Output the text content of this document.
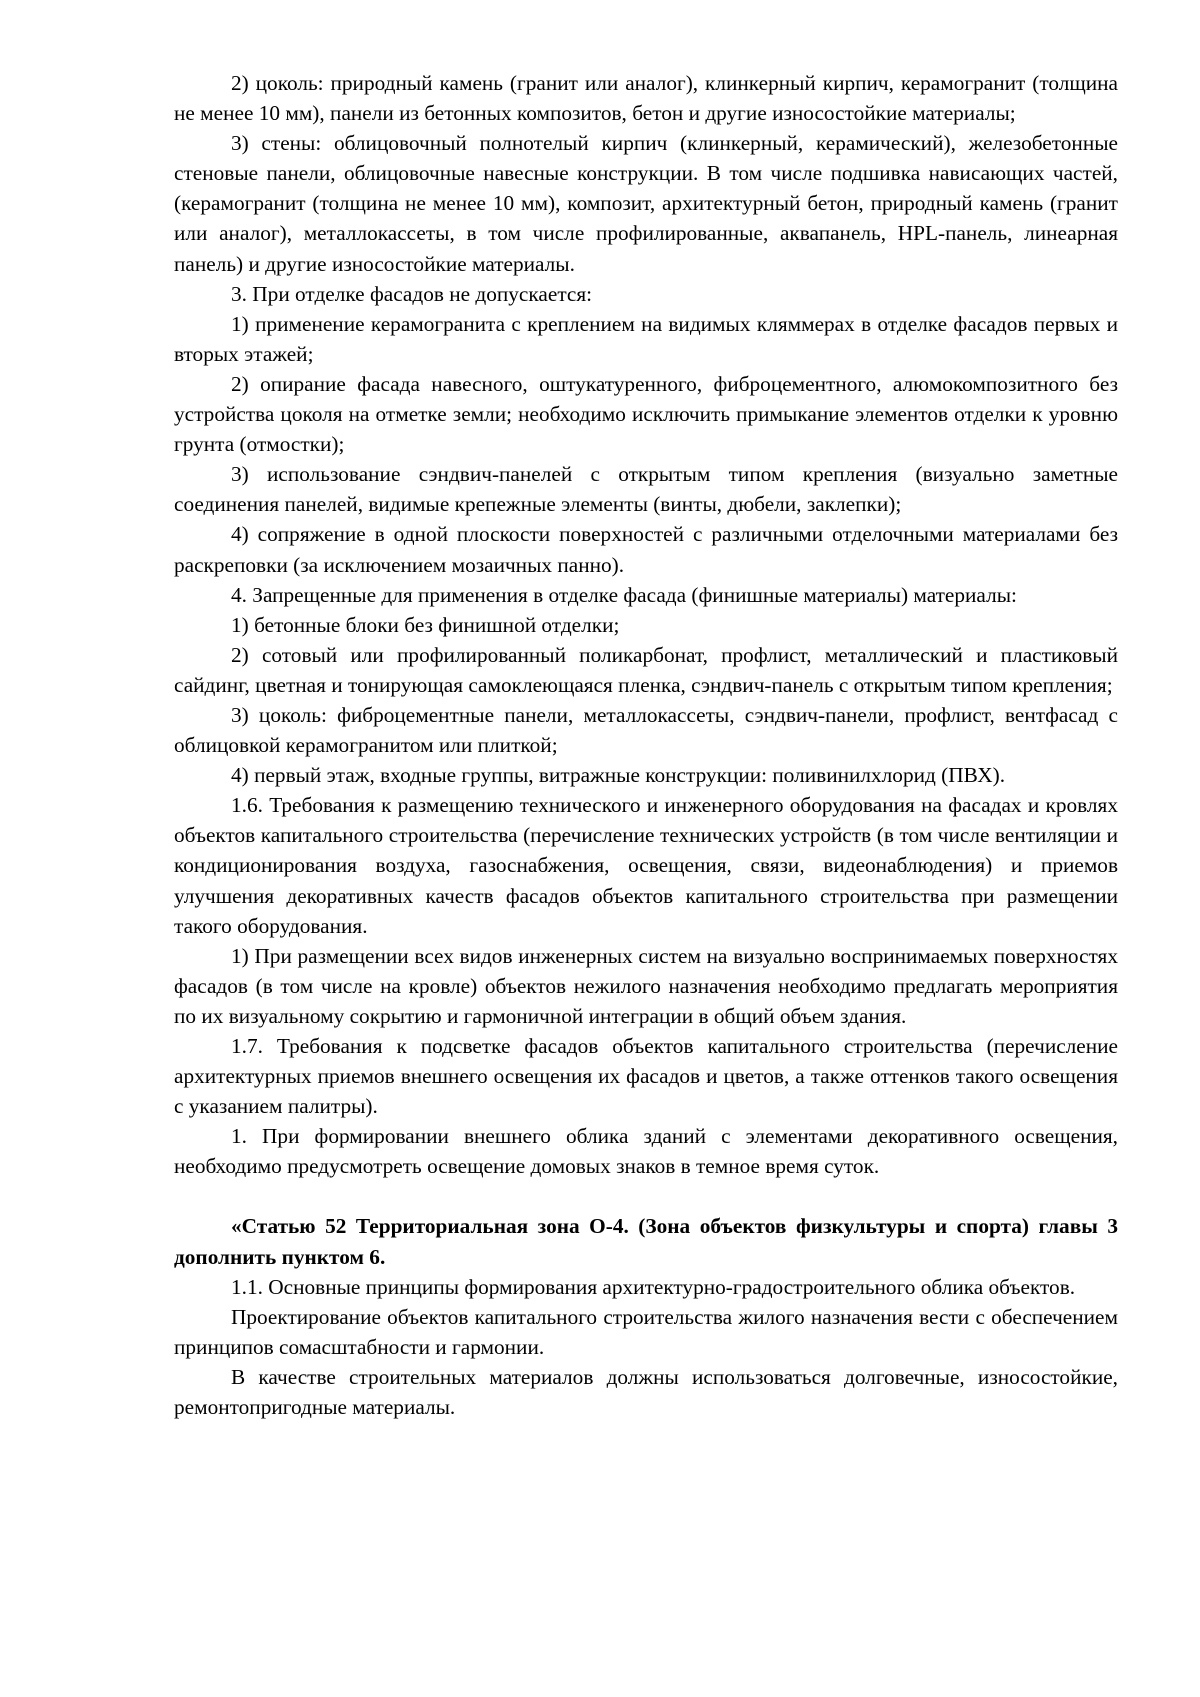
2) цоколь: природный камень (гранит или аналог), клинкерный кирпич, керамогранит (толщина не менее 10 мм), панели из бетонных композитов, бетон и другие износостойкие материалы;

3) стены: облицовочный полнотелый кирпич (клинкерный, керамический), железобетонные стеновые панели, облицовочные навесные конструкции. В том числе подшивка нависающих частей, (керамогранит (толщина не менее 10 мм), композит, архитектурный бетон, природный камень (гранит или аналог), металлокассеты, в том числе профилированные, аквапанель, HPL-панель, линеарная панель) и другие износостойкие материалы.

3. При отделке фасадов не допускается:

1) применение керамогранита с креплением на видимых кляммерах в отделке фасадов первых и вторых этажей;

2) опирание фасада навесного, оштукатуренного, фиброцементного, алюмокомпозитного без устройства цоколя на отметке земли; необходимо исключить примыкание элементов отделки к уровню грунта (отмостки);

3) использование сэндвич-панелей с открытым типом крепления (визуально заметные соединения панелей, видимые крепежные элементы (винты, дюбели, заклепки);

4) сопряжение в одной плоскости поверхностей с различными отделочными материалами без раскреповки (за исключением мозаичных панно).

4. Запрещенные для применения в отделке фасада (финишные материалы) материалы:

1) бетонные блоки без финишной отделки;

2) сотовый или профилированный поликарбонат, профлист, металлический и пластиковый сайдинг, цветная и тонирующая самоклеющаяся пленка, сэндвич-панель с открытым типом крепления;

3) цоколь: фиброцементные панели, металлокассеты, сэндвич-панели, профлист, вентфасад с облицовкой керамогранитом или плиткой;

4) первый этаж, входные группы, витражные конструкции: поливинилхлорид (ПВХ).

1.6. Требования к размещению технического и инженерного оборудования на фасадах и кровлях объектов капитального строительства (перечисление технических устройств (в том числе вентиляции и кондиционирования воздуха, газоснабжения, освещения, связи, видеонаблюдения) и приемов улучшения декоративных качеств фасадов объектов капитального строительства при размещении такого оборудования.

1) При размещении всех видов инженерных систем на визуально воспринимаемых поверхностях фасадов (в том числе на кровле) объектов нежилого назначения необходимо предлагать мероприятия по их визуальному сокрытию и гармоничной интеграции в общий объем здания.

1.7. Требования к подсветке фасадов объектов капитального строительства (перечисление архитектурных приемов внешнего освещения их фасадов и цветов, а также оттенков такого освещения с указанием палитры).

1. При формировании внешнего облика зданий с элементами декоративного освещения, необходимо предусмотреть освещение домовых знаков в темное время суток.

«Статью 52 Территориальная зона О-4. (Зона объектов физкультуры и спорта) главы 3 дополнить пунктом 6.

1.1. Основные принципы формирования архитектурно-градостроительного облика объектов.

Проектирование объектов капитального строительства жилого назначения вести с обеспечением принципов сомасштабности и гармонии.

В качестве строительных материалов должны использоваться долговечные, износостойкие, ремонтопригодные материалы.
